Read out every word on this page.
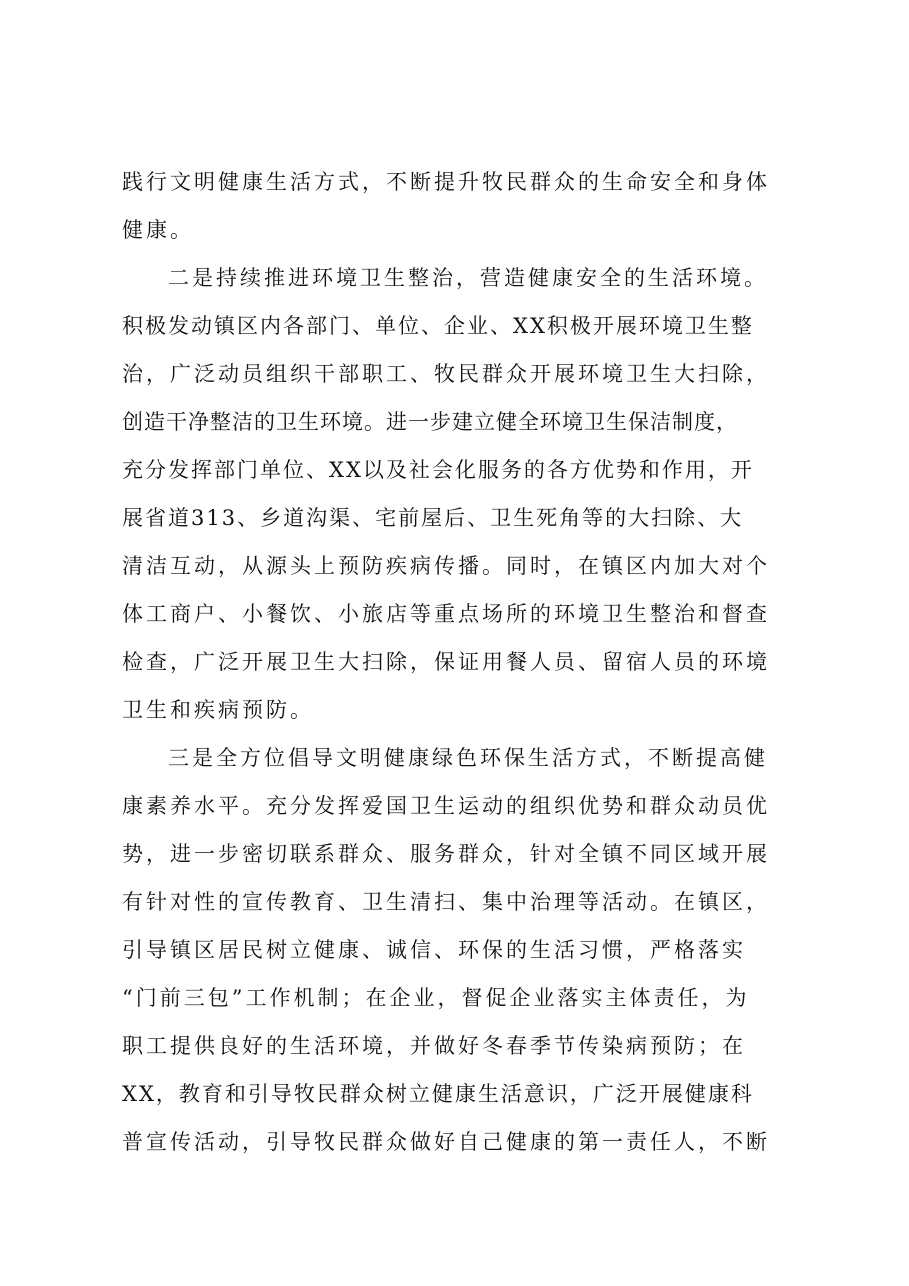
践行文明健康生活方式，不断提升牧民群众的生命安全和身体
健康。
二是持续推进环境卫生整治，营造健康安全的生活环境。
积极发动镇区内各部门、单位、企业、XX积极开展环境卫生整
治，广泛动员组织干部职工、牧民群众开展环境卫生大扫除，
创造干净整洁的卫生环境。进一步建立健全环境卫生保洁制度，
充分发挥部门单位、XX以及社会化服务的各方优势和作用，开
展省道313、乡道沟渠、宅前屋后、卫生死角等的大扫除、大
清洁互动，从源头上预防疾病传播。同时，在镇区内加大对个
体工商户、小餐饮、小旅店等重点场所的环境卫生整治和督查
检查，广泛开展卫生大扫除，保证用餐人员、留宿人员的环境
卫生和疾病预防。
三是全方位倡导文明健康绿色环保生活方式，不断提高健
康素养水平。充分发挥爱国卫生运动的组织优势和群众动员优
势，进一步密切联系群众、服务群众，针对全镇不同区域开展
有针对性的宣传教育、卫生清扫、集中治理等活动。在镇区，
引导镇区居民树立健康、诚信、环保的生活习惯，严格落实
“门前三包”工作机制；在企业，督促企业落实主体责任，为
职工提供良好的生活环境，并做好冬春季节传染病预防；在
XX，教育和引导牧民群众树立健康生活意识，广泛开展健康科
普宣传活动，引导牧民群众做好自己健康的第一责任人，不断
